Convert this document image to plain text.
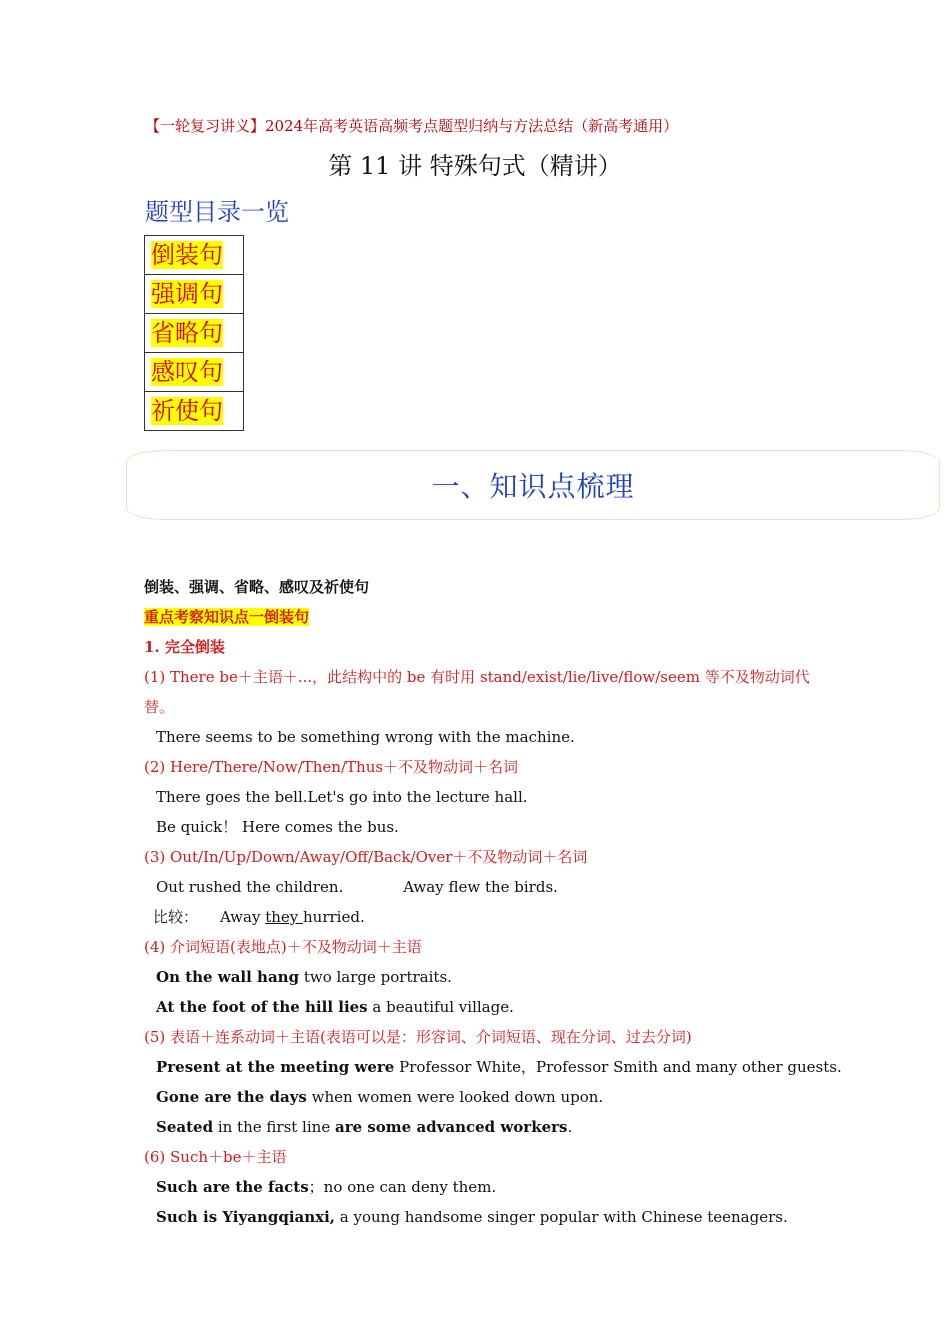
【一轮复习讲义】2024年高考英语高频考点题型归纳与方法总结（新高考通用）
第 11 讲 特殊句式（精讲）
题型目录一览
倒装句
强调句
省略句
感叹句
祈使句
一、知识点梳理
倒装、强调、省略、感叹及祈使句
重点考察知识点一倒装句
1. 完全倒装
(1) There be＋主语＋...，此结构中的 be 有时用 stand/exist/lie/live/flow/seem 等不及物动词代替。
There seems to be something wrong with the machine.
(2) Here/There/Now/Then/Thus＋不及物动词＋名词
There goes the bell.Let's go into the lecture hall.
Be quick！ Here comes the bus.
(3) Out/In/Up/Down/Away/Off/Back/Over＋不及物动词＋名词
Out rushed the children.	Away flew the birds.
比较： Away they hurried.
(4) 介词短语(表地点)＋不及物动词＋主语
On the wall hang two large portraits.
At the foot of the hill lies a beautiful village.
(5) 表语＋连系动词＋主语(表语可以是：形容词、介词短语、现在分词、过去分词)
Present at the meeting were Professor White，Professor Smith and many other guests.
Gone are the days when women were looked down upon.
Seated in the first line are some advanced workers.
(6) Such＋be＋主语
Such are the facts；no one can deny them.
Such is Yiyangqianxi, a young handsome singer popular with Chinese teenagers.
